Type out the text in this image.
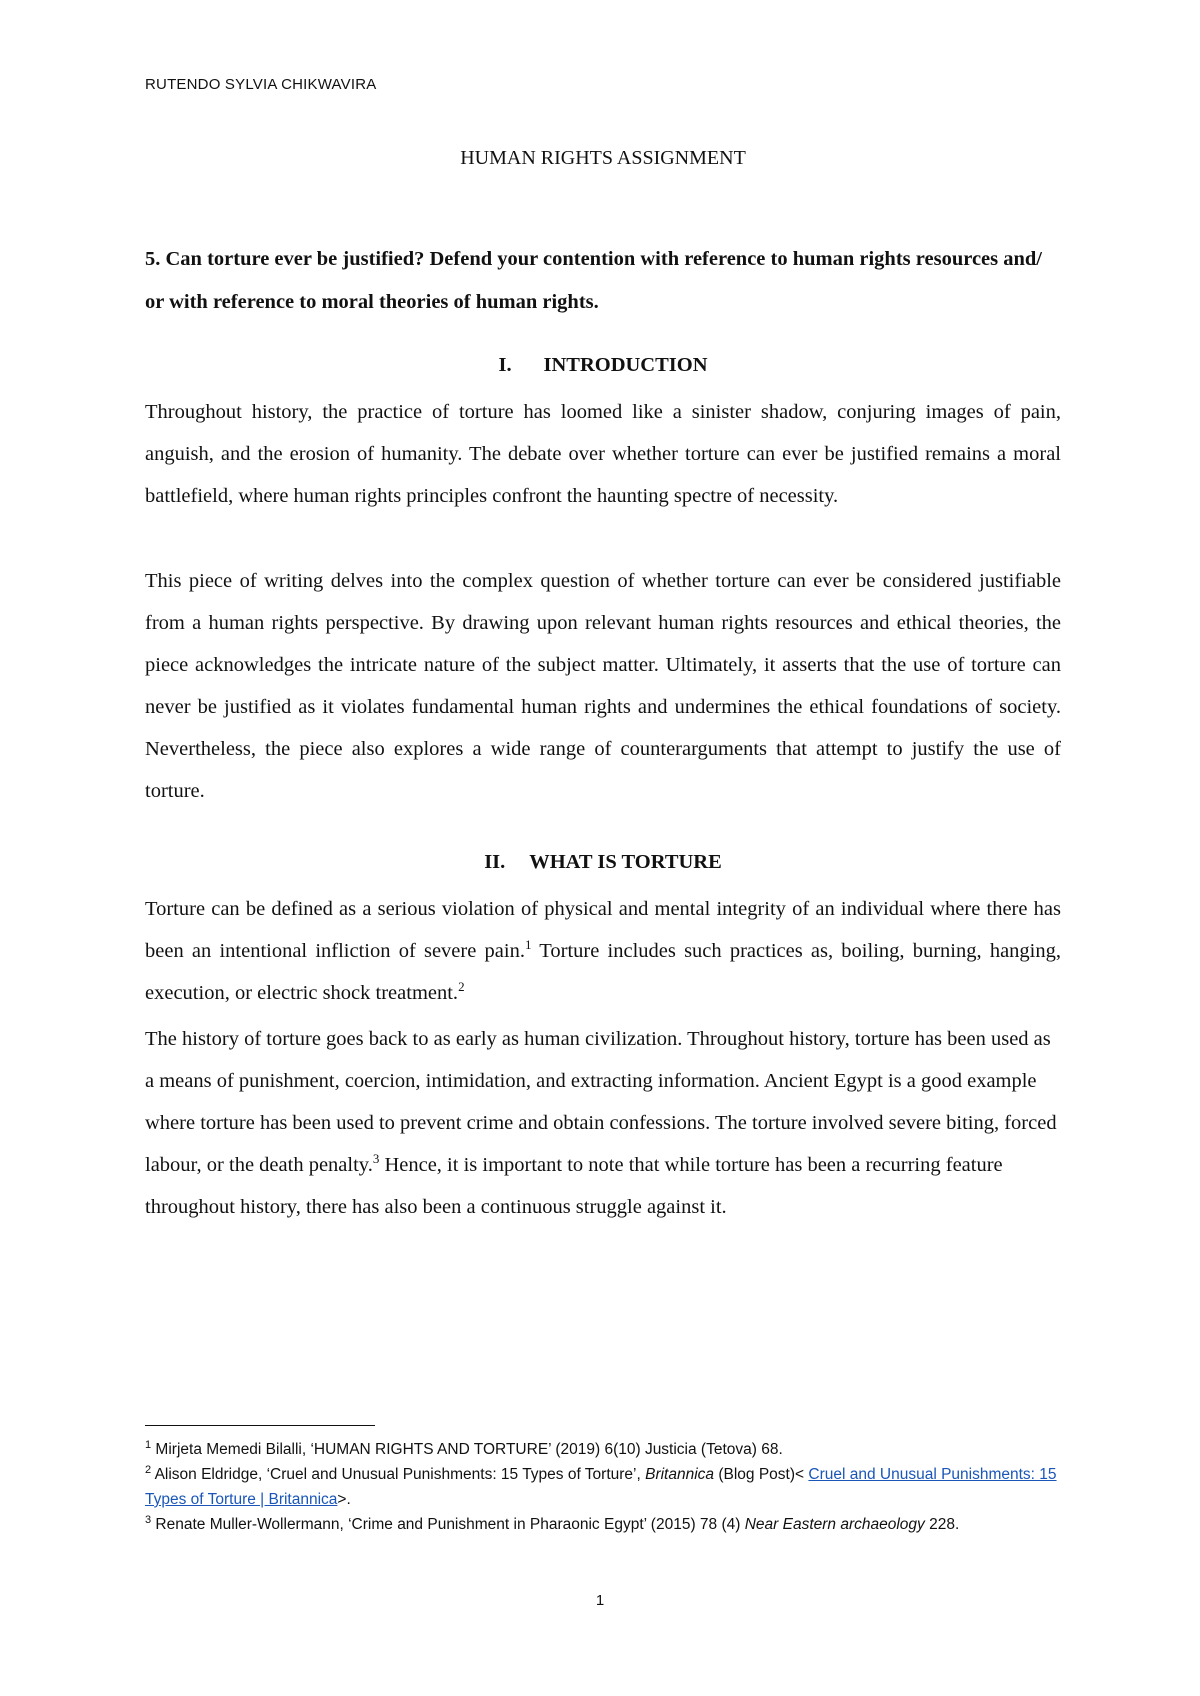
RUTENDO SYLVIA CHIKWAVIRA
HUMAN RIGHTS ASSIGNMENT
5. Can torture ever be justified? Defend your contention with reference to human rights resources and/ or with reference to moral theories of human rights.
I. INTRODUCTION

Throughout history, the practice of torture has loomed like a sinister shadow, conjuring images of pain, anguish, and the erosion of humanity. The debate over whether torture can ever be justified remains a moral battlefield, where human rights principles confront the haunting spectre of necessity.

This piece of writing delves into the complex question of whether torture can ever be considered justifiable from a human rights perspective. By drawing upon relevant human rights resources and ethical theories, the piece acknowledges the intricate nature of the subject matter. Ultimately, it asserts that the use of torture can never be justified as it violates fundamental human rights and undermines the ethical foundations of society. Nevertheless, the piece also explores a wide range of counterarguments that attempt to justify the use of torture.

II. WHAT IS TORTURE

Torture can be defined as a serious violation of physical and mental integrity of an individual where there has been an intentional infliction of severe pain.$^1$ Torture includes such practices as, boiling, burning, hanging, execution, or electric shock treatment.$^2$

The history of torture goes back to as early as human civilization. Throughout history, torture has been used as a means of punishment, coercion, intimidation, and extracting information. Ancient Egypt is a good example where torture has been used to prevent crime and obtain confessions. The torture involved severe biting, forced labour, or the death penalty.$^3$ Hence, it is important to note that while torture has been a recurring feature throughout history, there has also been a continuous struggle against it.

$^1$ Mirjeta Memedi Bilalli, ‘HUMAN RIGHTS AND TORTURE’ (2019) 6(10) Justicia (Tetova) 68.

$^2$ Alison Eldridge, ‘Cruel and Unusual Punishments: 15 Types of Torture’, Britannica (Blog Post)< Cruel and Unusual Punishments: 15 Types of Torture | Britannica>.

$^3$ Renate Muller-Wollermann, ‘Crime and Punishment in Pharaonic Egypt’ (2015) 78 (4) Near Eastern archaeology 228.

1
